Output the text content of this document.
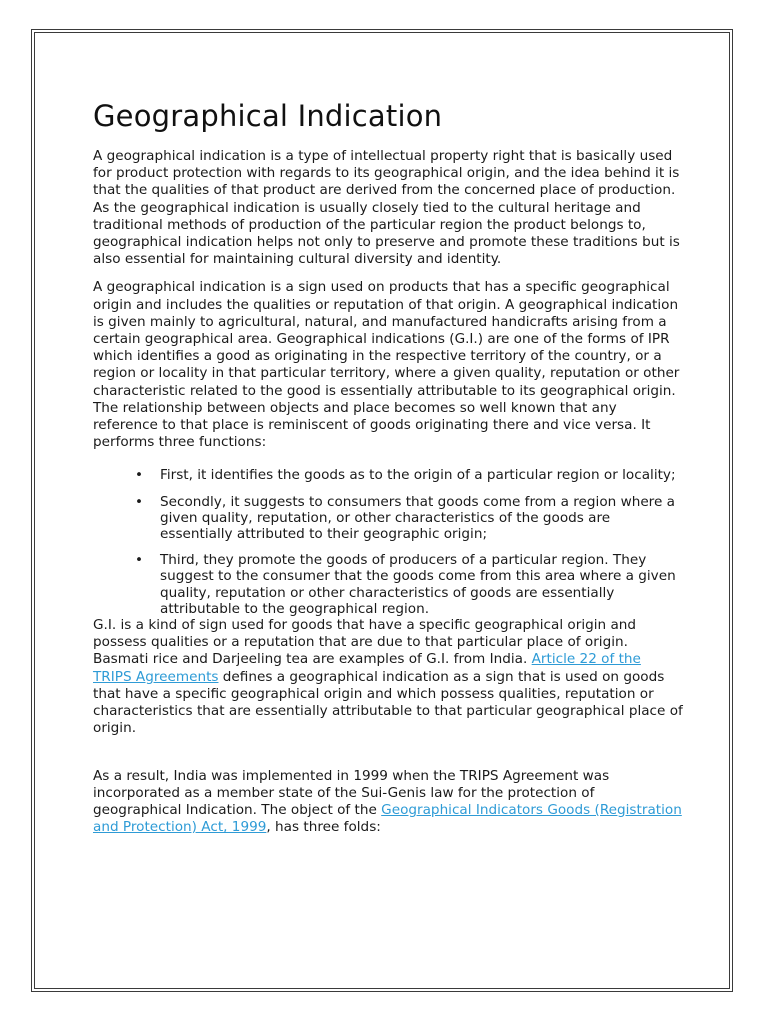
Geographical Indication

A geographical indication is a type of intellectual property right that is basically used for product protection with regards to its geographical origin, and the idea behind it is that the qualities of that product are derived from the concerned place of production. As the geographical indication is usually closely tied to the cultural heritage and traditional methods of production of the particular region the product belongs to, geographical indication helps not only to preserve and promote these traditions but is also essential for maintaining cultural diversity and identity.

A geographical indication is a sign used on products that has a specific geographical origin and includes the qualities or reputation of that origin. A geographical indication is given mainly to agricultural, natural, and manufactured handicrafts arising from a certain geographical area. Geographical indications (G.I.) are one of the forms of IPR which identifies a good as originating in the respective territory of the country, or a region or locality in that particular territory, where a given quality, reputation or other characteristic related to the good is essentially attributable to its geographical origin. The relationship between objects and place becomes so well known that any reference to that place is reminiscent of goods originating there and vice versa. It performs three functions:

• First, it identifies the goods as to the origin of a particular region or locality;
• Secondly, it suggests to consumers that goods come from a region where a given quality, reputation, or other characteristics of the goods are essentially attributed to their geographic origin;
• Third, they promote the goods of producers of a particular region. They suggest to the consumer that the goods come from this area where a given quality, reputation or other characteristics of goods are essentially attributable to the geographical region.

G.I. is a kind of sign used for goods that have a specific geographical origin and possess qualities or a reputation that are due to that particular place of origin. Basmati rice and Darjeeling tea are examples of G.I. from India. Article 22 of the TRIPS Agreements defines a geographical indication as a sign that is used on goods that have a specific geographical origin and which possess qualities, reputation or characteristics that are essentially attributable to that particular geographical place of origin.

As a result, India was implemented in 1999 when the TRIPS Agreement was incorporated as a member state of the Sui-Genis law for the protection of geographical Indication. The object of the Geographical Indicators Goods (Registration and Protection) Act, 1999, has three folds:
